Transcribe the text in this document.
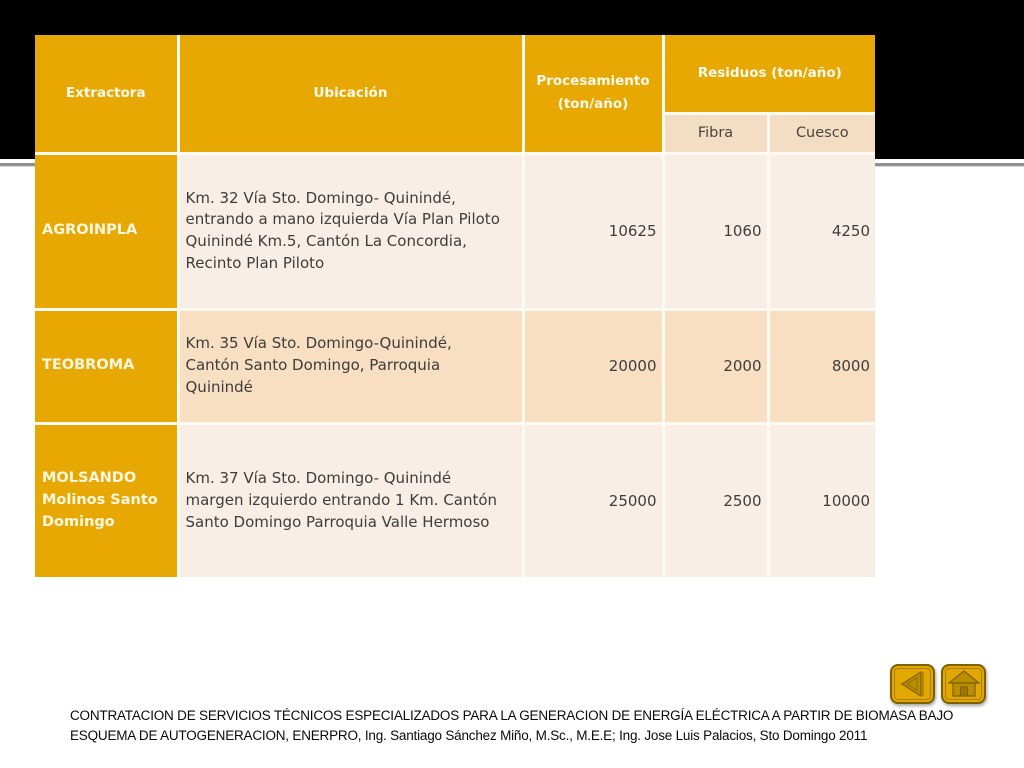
Extractora	Ubicación	Procesamiento (ton/año)	Residuos (ton/año)	
			Fibra	Cuesco
AGROINPLA	Km. 32 Vía Sto. Domingo- Quinindé, entrando a mano izquierda Vía Plan Piloto Quinindé Km.5, Cantón La Concordia, Recinto Plan Piloto	10625	1060	4250
TEOBROMA	Km. 35 Vía Sto. Domingo-Quinindé, Cantón Santo Domingo, Parroquia Quinindé	20000	2000	8000
MOLSANDO Molinos Santo Domingo	Km. 37 Vía Sto. Domingo- Quinindé margen izquierdo entrando 1 Km. Cantón Santo Domingo Parroquia Valle Hermoso	25000	2500	10000
CONTRATACION DE SERVICIOS TÉCNICOS ESPECIALIZADOS PARA LA GENERACION DE ENERGÍA ELÉCTRICA A PARTIR DE BIOMASA BAJO
ESQUEMA DE AUTOGENERACION, ENERPRO, Ing. Santiago Sánchez Miño, M.Sc., M.E.E; Ing. Jose Luis Palacios, Sto Domingo 2011
